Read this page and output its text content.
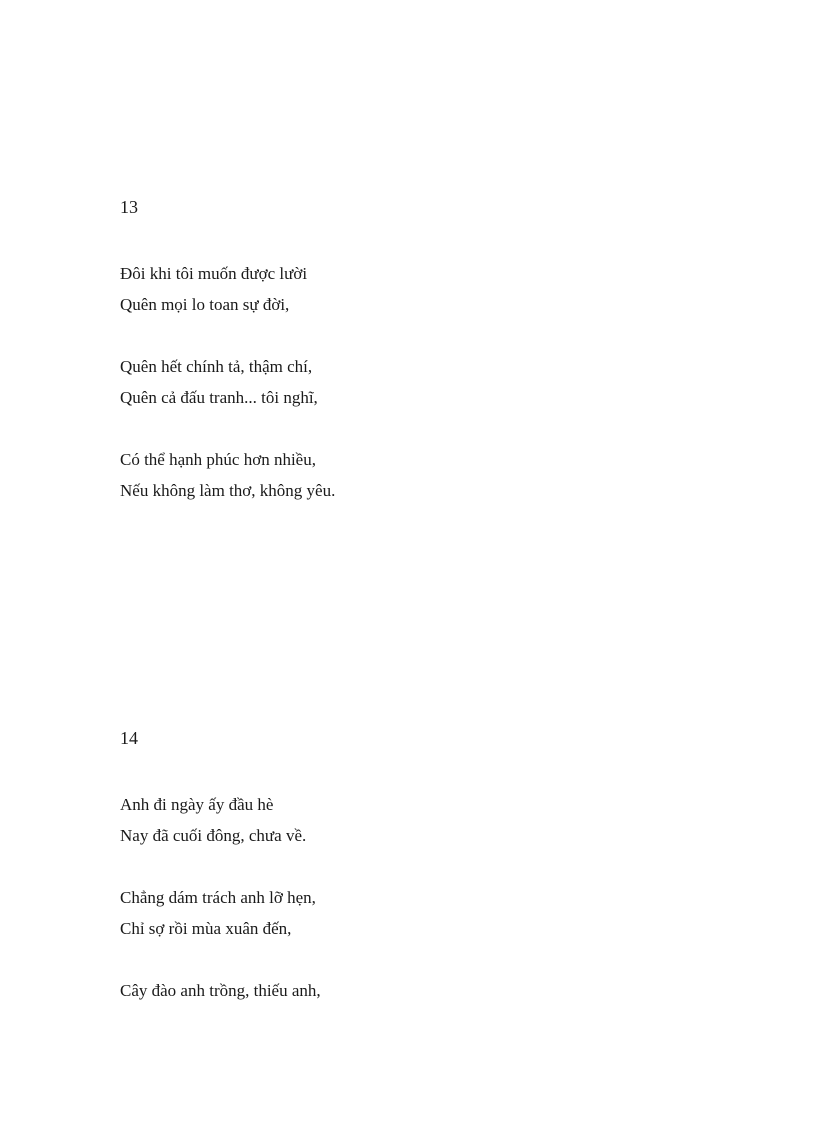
13
Đôi khi tôi muốn được lười
Quên mọi lo toan sự đời,
Quên hết chính tả, thậm chí,
Quên cả đấu tranh... tôi nghĩ,
Có thể hạnh phúc hơn nhiều,
Nếu không làm thơ, không yêu.
14
Anh đi ngày ấy đầu hè
Nay đã cuối đông, chưa về.
Chẳng dám trách anh lỡ hẹn,
Chỉ sợ rồi mùa xuân đến,
Cây đào anh trồng, thiếu anh,
